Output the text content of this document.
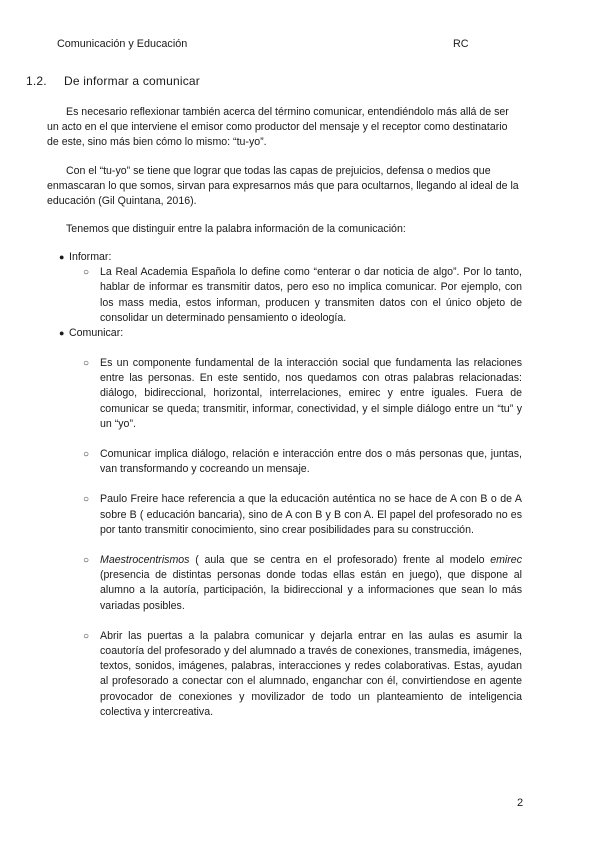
Comunicación y Educación	RC
1.2. De informar a comunicar
Es necesario reflexionar también acerca del término comunicar, entendiéndolo más allá de ser un acto en el que interviene el emisor como productor del mensaje y el receptor como destinatario de este, sino más bien cómo lo mismo: “tu-yo”.
Con el “tu-yo” se tiene que lograr que todas las capas de prejuicios, defensa o medios que enmascaran lo que somos, sirvan para expresarnos más que para ocultarnos, llegando al ideal de la educación (Gil Quintana, 2016).
Tenemos que distinguir entre la palabra información de la comunicación:
● Informar:
○ La Real Academia Española lo define como “enterar o dar noticia de algo”. Por lo tanto, hablar de informar es transmitir datos, pero eso no implica comunicar. Por ejemplo, con los mass media, estos informan, producen y transmiten datos con el único objeto de consolidar un determinado pensamiento o ideología.
● Comunicar:
○ Es un componente fundamental de la interacción social que fundamenta las relaciones entre las personas. En este sentido, nos quedamos con otras palabras relacionadas: diálogo, bidireccional, horizontal, interrelaciones, emirec y entre iguales. Fuera de comunicar se queda; transmitir, informar, conectividad, y el simple diálogo entre un “tu” y un “yo”.
○ Comunicar implica diálogo, relación e interacción entre dos o más personas que, juntas, van transformando y cocreando un mensaje.
○ Paulo Freire hace referencia a que la educación auténtica no se hace de A con B o de A sobre B ( educación bancaria), sino de A con B y B con A. El papel del profesorado no es por tanto transmitir conocimiento, sino crear posibilidades para su construcción.
○ Maestrocentrismos ( aula que se centra en el profesorado) frente al modelo emirec (presencia de distintas personas donde todas ellas están en juego), que dispone al alumno a la autoría, participación, la bidireccional y a informaciones que sean lo más variadas posibles.
○ Abrir las puertas a la palabra comunicar y dejarla entrar en las aulas es asumir la coautoría del profesorado y del alumnado a través de conexiones, transmedia, imágenes, textos, sonidos, imágenes, palabras, interacciones y redes colaborativas. Estas, ayudan al profesorado a conectar con el alumnado, enganchar con él, convirtiendose en agente provocador de conexiones y movilizador de todo un planteamiento de inteligencia colectiva y intercreativa.
2
